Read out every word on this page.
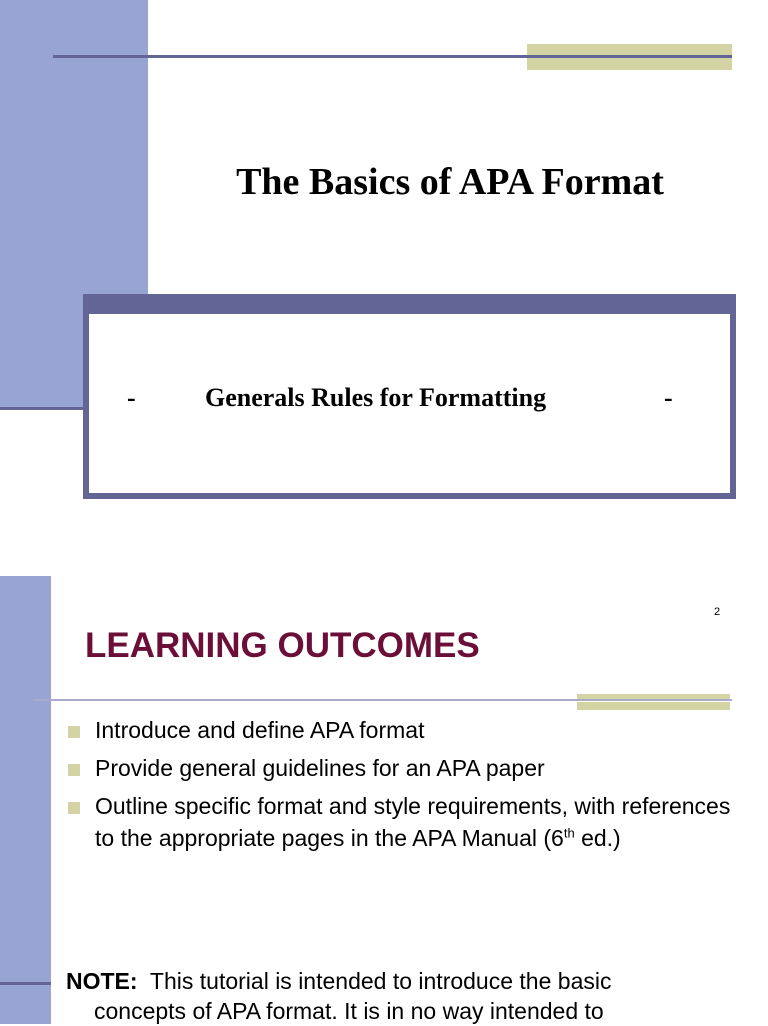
The Basics of APA Format
-	Generals Rules for Formatting	-
2
LEARNING OUTCOMES
Introduce and define APA format
Provide general guidelines for an APA paper
Outline specific format and style requirements, with references to the appropriate pages in the APA Manual (6th ed.)
NOTE:  This tutorial is intended to introduce the basic
concepts of APA format. It is in no way intended to
